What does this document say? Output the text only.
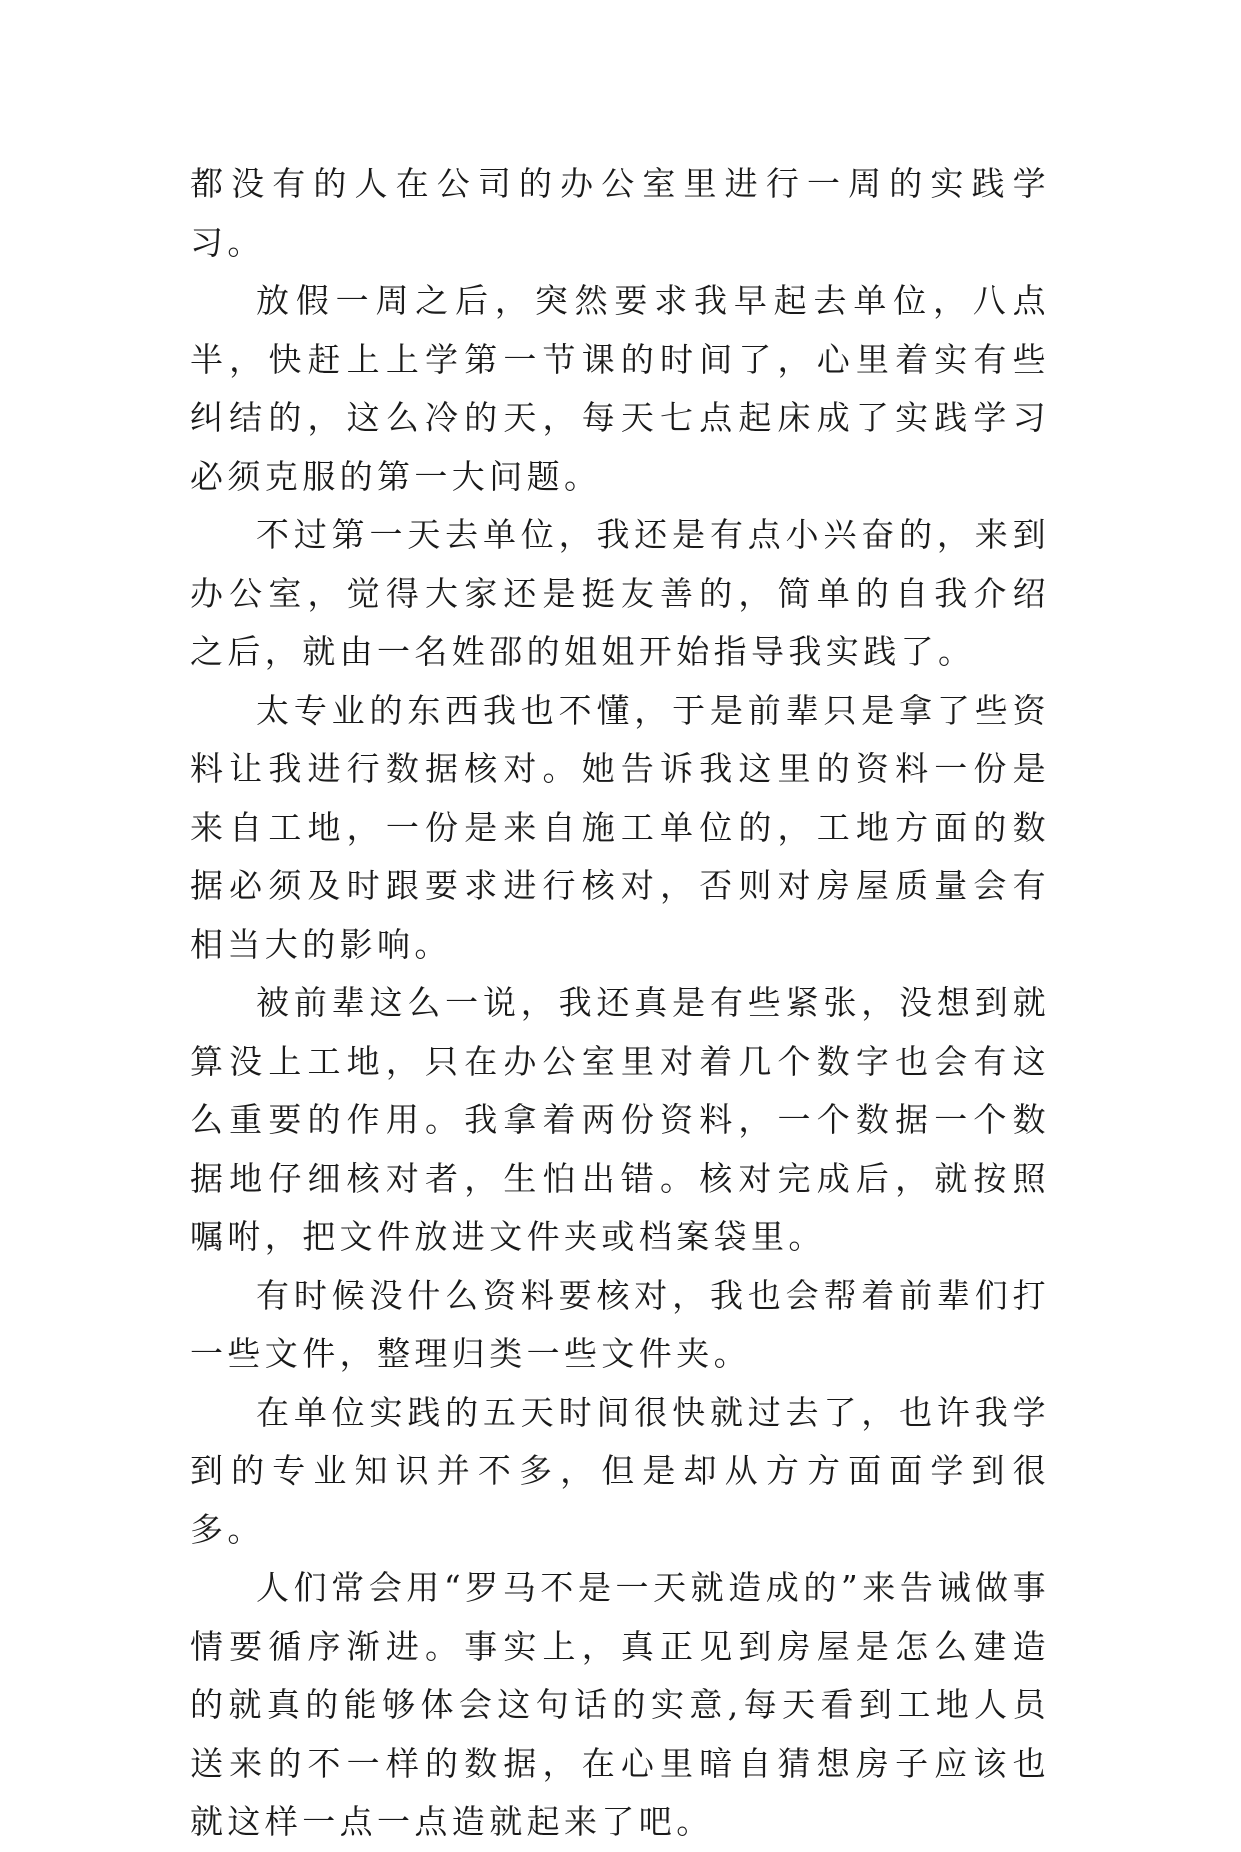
都没有的人在公司的办公室里进行一周的实践学习。

放假一周之后，突然要求我早起去单位，八点半，快赶上上学第一节课的时间了，心里着实有些纠结的，这么冷的天，每天七点起床成了实践学习必须克服的第一大问题。

不过第一天去单位，我还是有点小兴奋的，来到办公室，觉得大家还是挺友善的，简单的自我介绍之后，就由一名姓邵的姐姐开始指导我实践了。

太专业的东西我也不懂，于是前辈只是拿了些资料让我进行数据核对。她告诉我这里的资料一份是来自工地，一份是来自施工单位的，工地方面的数据必须及时跟要求进行核对，否则对房屋质量会有相当大的影响。

被前辈这么一说，我还真是有些紧张，没想到就算没上工地，只在办公室里对着几个数字也会有这么重要的作用。我拿着两份资料，一个数据一个数据地仔细核对者，生怕出错。核对完成后，就按照嘱咐，把文件放进文件夹或档案袋里。

有时候没什么资料要核对，我也会帮着前辈们打一些文件，整理归类一些文件夹。

在单位实践的五天时间很快就过去了，也许我学到的专业知识并不多，但是却从方方面面学到很多。

人们常会用“罗马不是一天就造成的”来告诫做事情要循序渐进。事实上，真正见到房屋是怎么建造的就真的能够体会这句话的实意,每天看到工地人员送来的不一样的数据，在心里暗自猜想房子应该也就这样一点一点造就起来了吧。
